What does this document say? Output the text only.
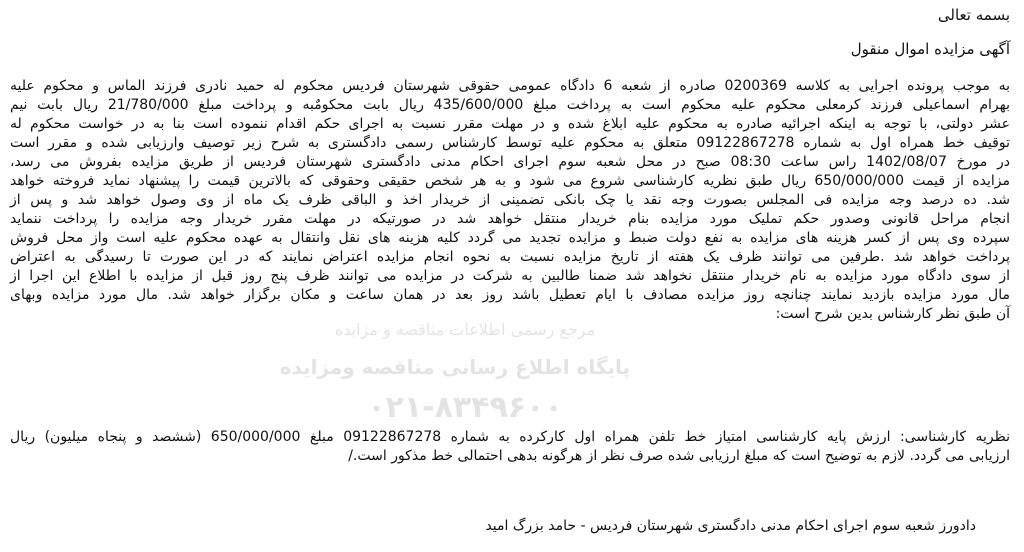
بسمه تعالی
آگهی مزایده اموال منقول
به موجب پرونده اجرایی به کلاسه 0200369 صادره از شعبه 6 دادگاه عمومی حقوقی شهرستان فردیس محکوم له حمید نادری فرزند الماس و محکوم علیه
بهرام اسماعیلی فرزند کرمعلی محکوم علیه محکوم است به پرداخت مبلغ 435/600/000 ریال بابت محکومٌبه و پرداخت مبلغ 21/780/000 ریال بابت نیم
عشر دولتی، با توجه به اینکه اجرائیه صادره به محکوم علیه ابلاغ شده و در مهلت مقرر نسبت به اجرای حکم اقدام ننموده است بنا به در خواست محکوم له
توقیف خط همراه اول به شماره 09122867278 متعلق به محکوم علیه توسط کارشناس رسمی دادگستری به شرح زیر توصیف وارزیابی شده و مقرر است
در مورخ 1402/08/07 راس ساعت 08:30 صبح در محل شعبه سوم اجرای احکام مدنی دادگستری شهرستان فردیس از طریق مزایده بفروش می رسد،
مزایده از قیمت 650/000/000 ریال طبق نظریه کارشناسی شروع می شود و به هر شخص حقیقی وحقوقی که بالاترین قیمت را پیشنهاد نماید فروخته خواهد
شد. ده درصد وجه مزایده فی المجلس بصورت وجه نقد یا چک بانکی تضمینی از خریدار اخذ و الباقی ظرف یک ماه از وی وصول خواهد شد و پس از
انجام مراحل قانونی وصدور حکم تملیک مورد مزایده بنام خریدار منتقل خواهد شد در صورتیکه در مهلت مقرر خریدار وجه مزایده را پرداخت ننماید
سپرده وی پس از کسر هزینه های مزایده به نفع دولت ضبط و مزایده تجدید می گردد کلیه هزینه های نقل وانتقال به عهده محکوم علیه است واز محل فروش
پرداخت خواهد شد .طرفین می توانند ظرف یک هفته از تاریخ مزایده نسبت به نحوه انجام مزایده اعتراض نمایند که در این صورت تا رسیدگی به اعتراض
از سوی دادگاه مورد مزایده به نام خریدار منتقل نخواهد شد ضمنا طالبین به شرکت در مزایده می توانند ظرف پنج روز قبل از مزایده با اطلاع این اجرا از
مال مورد مزایده بازدید نمایند چنانچه روز مزایده مصادف با ایام تعطیل باشد روز بعد در همان ساعت و مکان برگزار خواهد شد. مال مورد مزایده وبهای
آن طبق نظر کارشناس بدین شرح است:
مرجع رسمی اطلاعات مناقصه و مزایده
پایگاه اطلاع رسانی مناقصه ومزایده
۰۲۱-۸۳۴۹۶۰۰
نظریه کارشناسی: ارزش پایه کارشناسی امتیاز خط تلفن همراه اول کارکرده به شماره 09122867278 مبلغ 650/000/000 (ششصد و پنجاه میلیون) ریال
ارزیابی می گردد. لازم به توضیح است که مبلغ ارزیابی شده صرف نظر از هرگونه بدهی احتمالی خط مذکور است./
دادورز شعبه سوم اجرای احکام مدنی دادگستری شهرستان فردیس - حامد بزرگ امید
